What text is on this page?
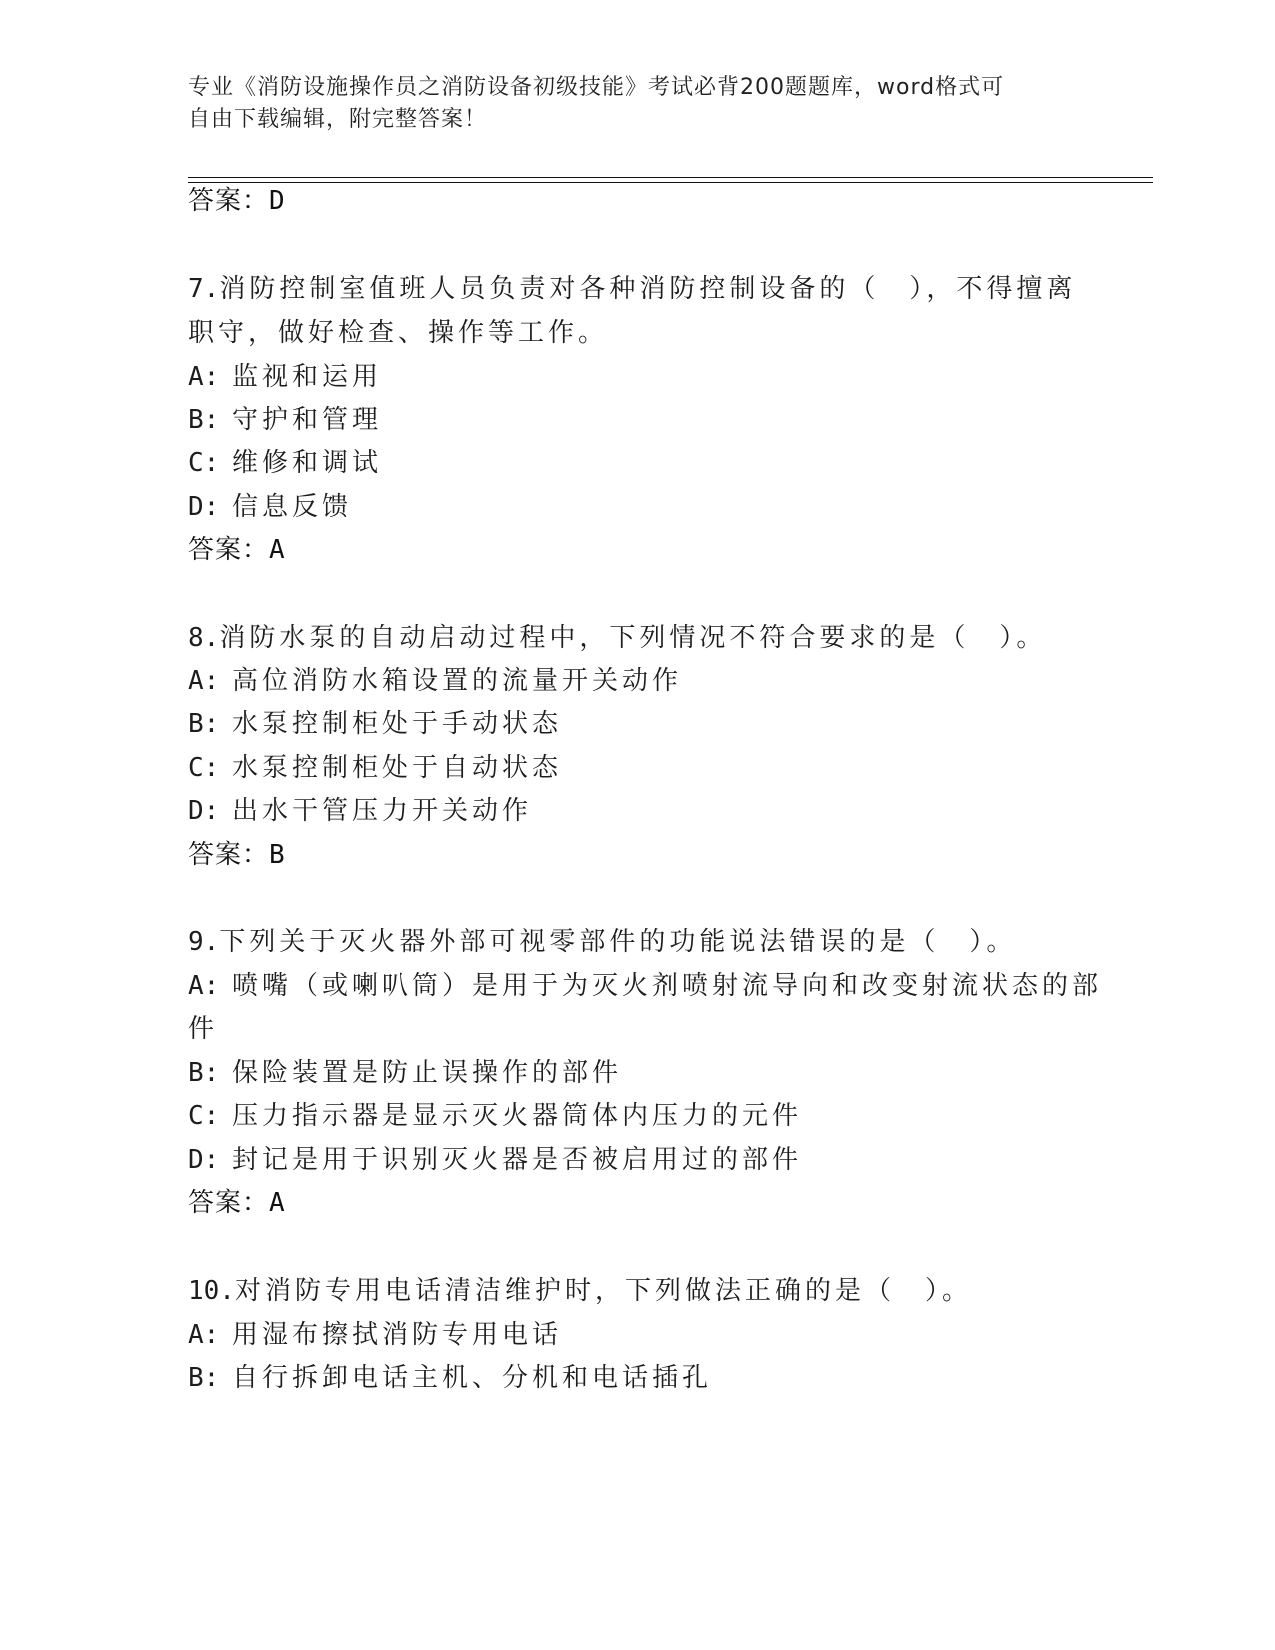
专业《消防设施操作员之消防设备初级技能》考试必背200题题库，word格式可
自由下载编辑，附完整答案！
答案：D
7.消防控制室值班人员负责对各种消防控制设备的（　），不得擅离
职守，做好检查、操作等工作。
A: 监视和运用
B: 守护和管理
C: 维修和调试
D: 信息反馈
答案：A
8.消防水泵的自动启动过程中，下列情况不符合要求的是（　）。
A: 高位消防水箱设置的流量开关动作
B: 水泵控制柜处于手动状态
C: 水泵控制柜处于自动状态
D: 出水干管压力开关动作
答案：B
9.下列关于灭火器外部可视零部件的功能说法错误的是（　）。
A: 喷嘴（或喇叭筒）是用于为灭火剂喷射流导向和改变射流状态的部
件
B: 保险装置是防止误操作的部件
C: 压力指示器是显示灭火器筒体内压力的元件
D: 封记是用于识别灭火器是否被启用过的部件
答案：A
10.对消防专用电话清洁维护时，下列做法正确的是（　）。
A: 用湿布擦拭消防专用电话
B: 自行拆卸电话主机、分机和电话插孔
